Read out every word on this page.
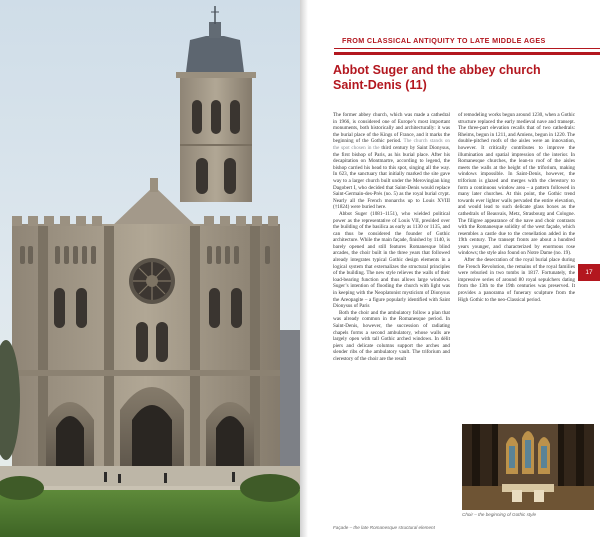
FROM CLASSICAL ANTIQUITY TO LATE MIDDLE AGES
Abbot Suger and the abbey church
Saint-Denis (11)

The former abbey church, which was made a cathedral in 1966, is considered one of Europe’s most important monuments, both historically and architecturally: it was the burial place of the Kings of France, and it marks the beginning of the Gothic period. The church stands on the spot chosen in the third century by Saint Dionysus, the first bishop of Paris, as his burial place. After his decapitation on Montmartre, according to legend, the bishop carried his head to this spot, singing all the way. In 623, the sanctuary that initially marked the site gave way to a larger church built under the Merovingian king Dagobert I, who decided that Saint-Denis would replace Saint-Germain-des-Prés (no. 5) as the royal burial crypt. Nearly all the French monarchs up to Louis XVIII (†1824) were buried here.

Abbot Suger (1081–1151), who wielded political power as the representative of Louis VII, presided over the building of the basilica as early as 1130 or 1135, and can thus be considered the founder of Gothic architecture. While the main façade, finished by 1140, is barely opened and still features Romanesque blind arcades, the choir built in the three years that followed already integrates typical Gothic design elements in a logical system that externalizes the structural principles of the building. The new style relieves the walls of their load-bearing function and thus allows large windows. Suger’s intention of flooding the church with light was in keeping with the Neoplatonist mysticism of Dionysus the Areopagite – a figure popularly identified with Saint Dionysus of Paris

Both the choir and the ambulatory follow a plan that was already common in the Romanesque period. In Saint-Denis, however, the succession of radiating chapels forms a second ambulatory, whose walls are largely open with tall Gothic arched windows. In délit piers and delicate columns support the arches and slender ribs of the ambulatory vault. The triforium and clerestory of the choir are the result

of remodeling works begun around 1230, when a Gothic structure replaced the early medieval nave and transept. The three-part elevation recalls that of two cathedrals: Rheims, begun in 1211, and Amiens, begun in 1220. The double-pitched roofs of the aisles were an innovation, however. It critically contributes to improve the illumination and spatial impression of the interior. In Romanesque churches, the lean-to roof of the aisles meets the walls at the height of the triforium, making windows impossible. In Saint-Denis, however, the triforium is glazed and merges with the clerestory to form a continuous window area – a pattern followed in many later churches. At this point, the Gothic trend towards ever lighter walls pervaded the entire elevation, and would lead to such delicate glass boxes as the cathedrals of Beauvais, Metz, Strasbourg and Cologne. The filigree appearance of the nave and choir contrasts with the Romanesque solidity of the west façade, which resembles a castle due to the crenellation added in the 19th century. The transept fronts are about a hundred years younger, and characterized by enormous rose windows; the style also found on Notre Dame (no. 19).

After the desecration of the royal burial place during the French Revolution, the remains of the royal families were reburied in two tombs in 1817. Fortunately, the impressive series of around 80 royal sepulchers dating from the 13th to the 19th centuries was preserved. It provides a panorama of funerary sculpture from the High Gothic to the neo-Classical period.

17
Choir – the beginning of Gothic style
Façade – the late Romanesque structural element
